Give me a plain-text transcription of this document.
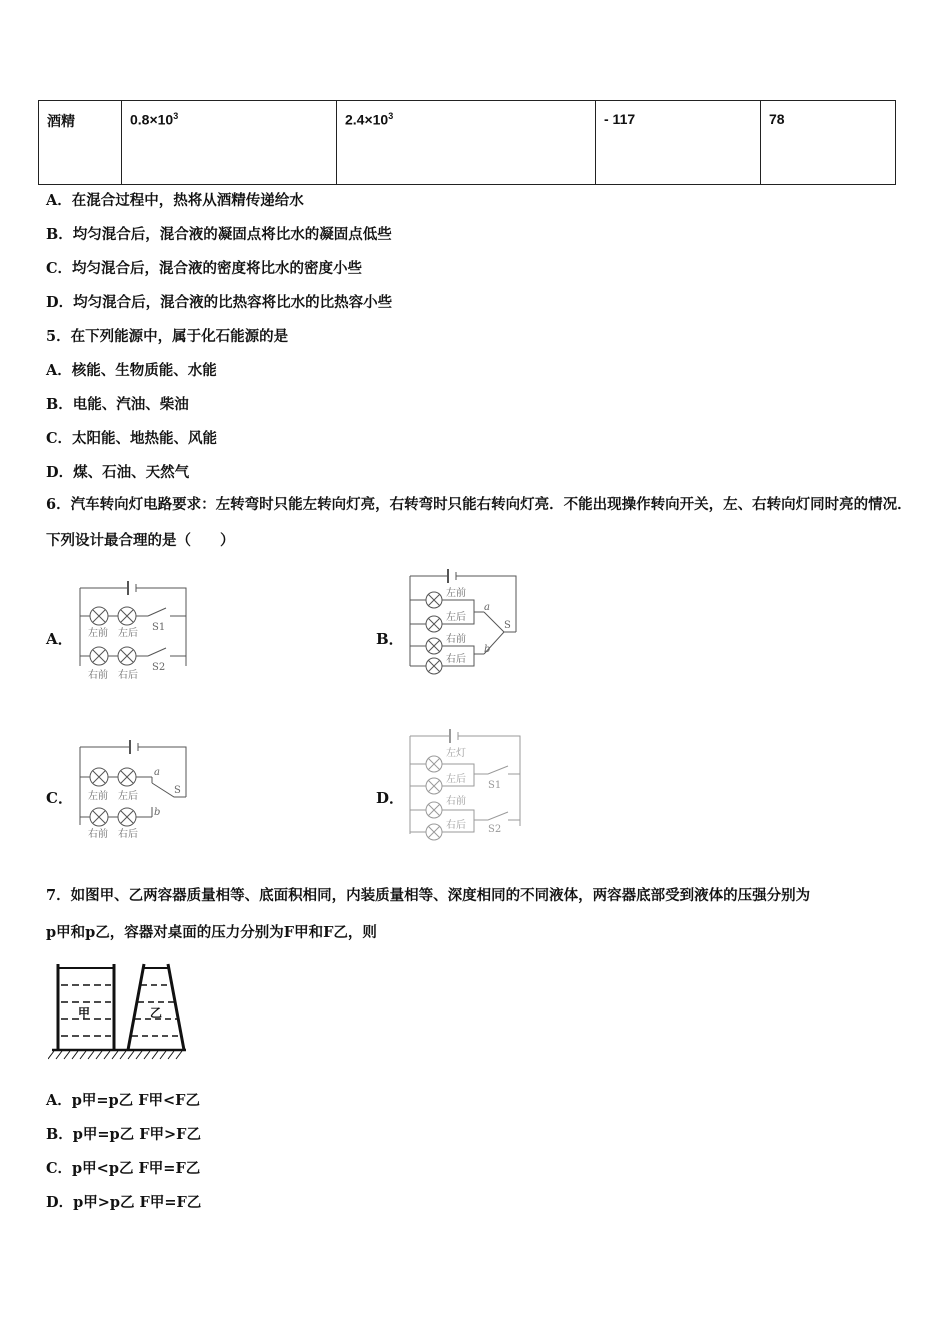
酒精	$0.8\times 10^3$	$2.4\times 10^3$	- 117	78
A．在混合过程中，热将从酒精传递给水
B．均匀混合后，混合液的凝固点将比水的凝固点低些
C．均匀混合后，混合液的密度将比水的密度小些
D．均匀混合后，混合液的比热容将比水的比热容小些
5．在下列能源中，属于化石能源的是
A．核能、生物质能、水能
B．电能、汽油、柴油
C．太阳能、地热能、风能
D．煤、石油、天然气
6．汽车转向灯电路要求：左转弯时只能左转向灯亮，右转弯时只能右转向灯亮．不能出现操作转向开关，左、右转向灯同时亮的情况．下列设计最合理的是（　　）
A．	B．
C．	D．
左前 左后
右前 右后
S1
S2
左前
左后
右前
右后
a
b
S
左前 左后
右前 右后
a
b
S
左灯
左后
右前
右后
S1
S2
7．如图甲、乙两容器质量相等、底面积相同，内装质量相等、深度相同的不同液体，两容器底部受到液体的压强分别为
p甲和p乙，容器对桌面的压力分别为F甲和F乙，则
甲	乙
A．p甲=p乙 F甲<F乙
B．p甲=p乙 F甲>F乙
C．p甲<p乙 F甲=F乙
D．p甲>p乙 F甲=F乙
